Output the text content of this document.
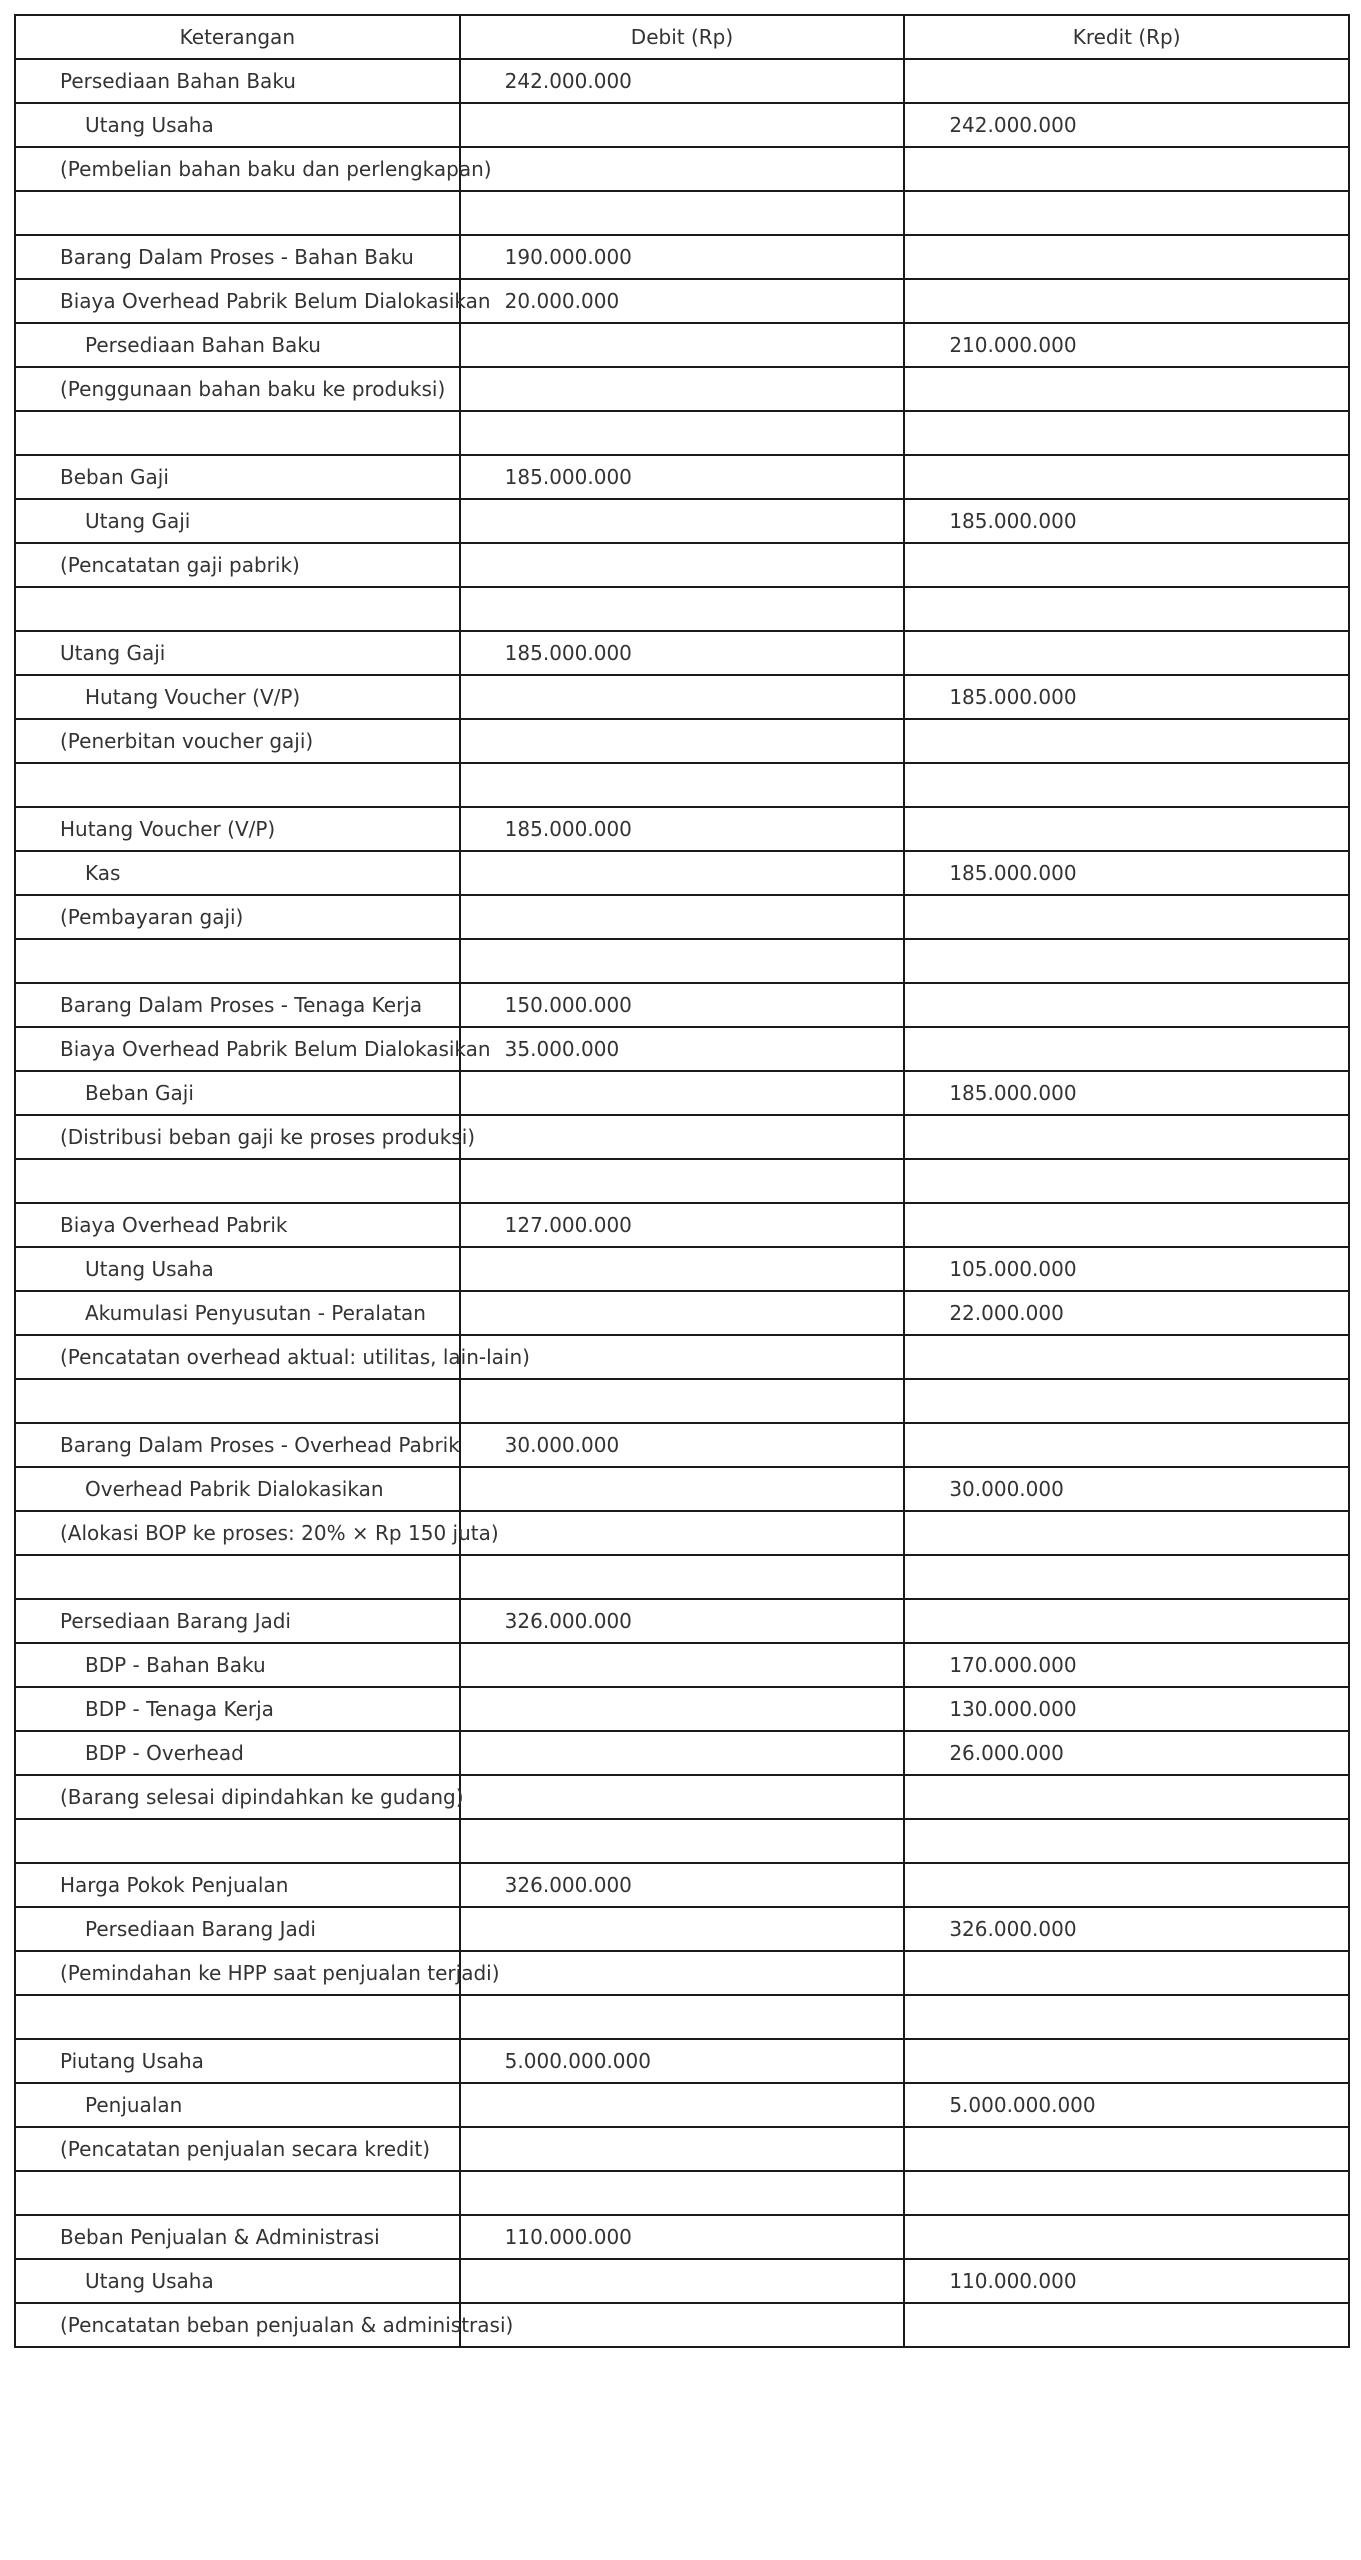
Keterangan	Debit (Rp)	Kredit (Rp)
Persediaan Bahan Baku	242.000.000	
Utang Usaha		242.000.000
(Pembelian bahan baku dan perlengkapan)		

Barang Dalam Proses - Bahan Baku	190.000.000	
Biaya Overhead Pabrik Belum Dialokasikan	20.000.000	
Persediaan Bahan Baku		210.000.000
(Penggunaan bahan baku ke produksi)		

Beban Gaji	185.000.000	
Utang Gaji		185.000.000
(Pencatatan gaji pabrik)		

Utang Gaji	185.000.000	
Hutang Voucher (V/P)		185.000.000
(Penerbitan voucher gaji)		

Hutang Voucher (V/P)	185.000.000	
Kas		185.000.000
(Pembayaran gaji)		

Barang Dalam Proses - Tenaga Kerja	150.000.000	
Biaya Overhead Pabrik Belum Dialokasikan	35.000.000	
Beban Gaji		185.000.000
(Distribusi beban gaji ke proses produksi)		

Biaya Overhead Pabrik	127.000.000	
Utang Usaha		105.000.000
Akumulasi Penyusutan - Peralatan		22.000.000
(Pencatatan overhead aktual: utilitas, lain-lain)		

Barang Dalam Proses - Overhead Pabrik	30.000.000	
Overhead Pabrik Dialokasikan		30.000.000
(Alokasi BOP ke proses: 20% × Rp 150 juta)		

Persediaan Barang Jadi	326.000.000	
BDP - Bahan Baku		170.000.000
BDP - Tenaga Kerja		130.000.000
BDP - Overhead		26.000.000
(Barang selesai dipindahkan ke gudang)		

Harga Pokok Penjualan	326.000.000	
Persediaan Barang Jadi		326.000.000
(Pemindahan ke HPP saat penjualan terjadi)		

Piutang Usaha	5.000.000.000	
Penjualan		5.000.000.000
(Pencatatan penjualan secara kredit)		

Beban Penjualan & Administrasi	110.000.000	
Utang Usaha		110.000.000
(Pencatatan beban penjualan & administrasi)		
